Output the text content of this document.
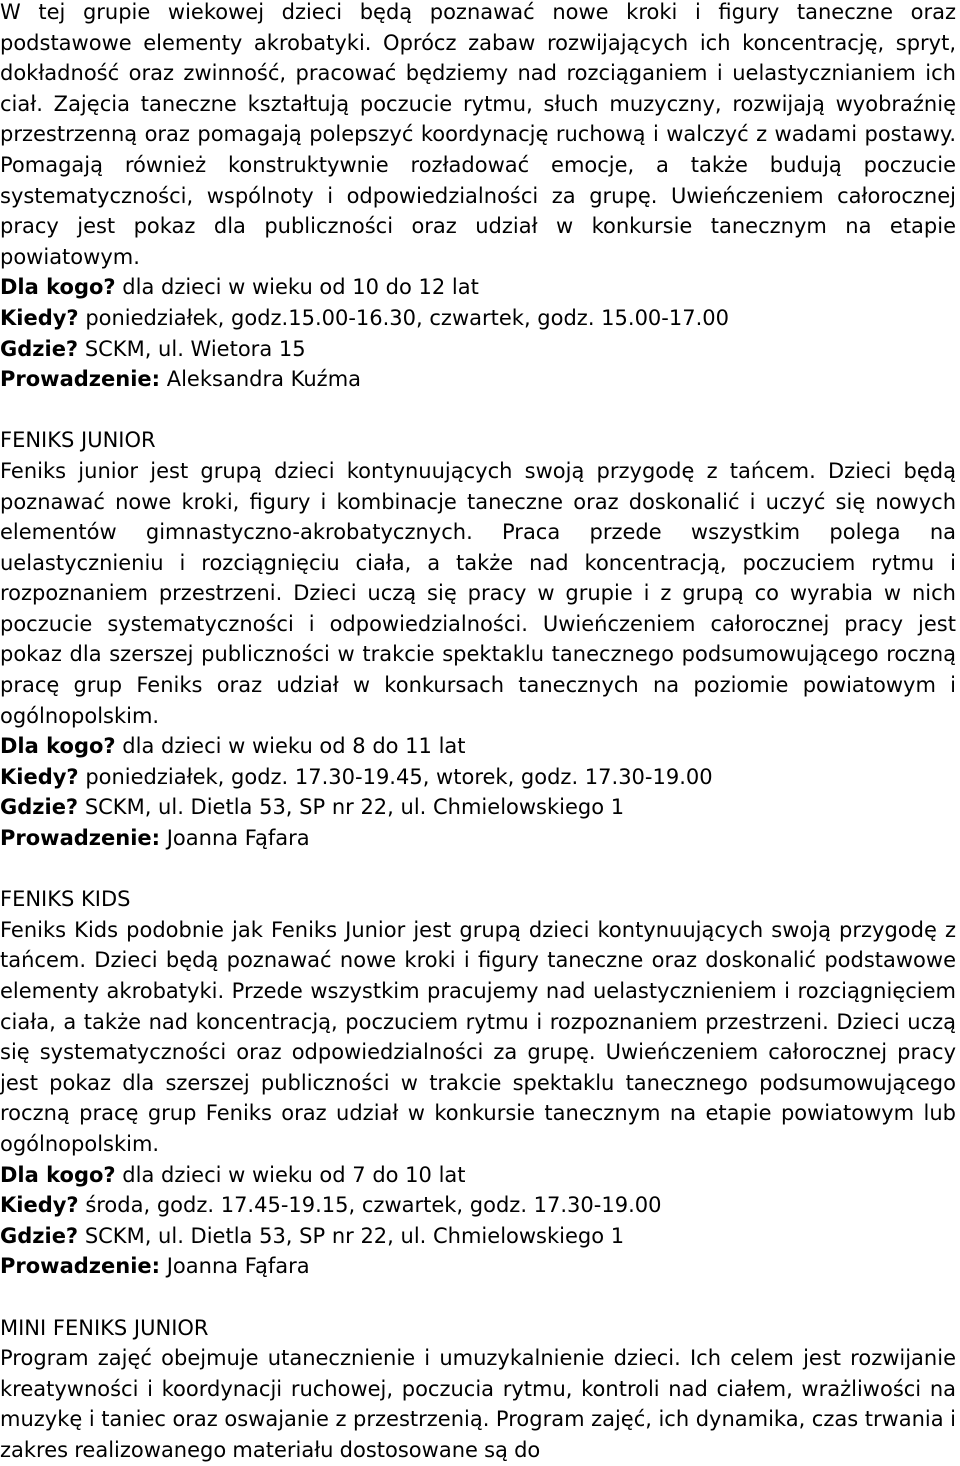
W tej grupie wiekowej dzieci będą poznawać nowe kroki i figury taneczne oraz podstawowe elementy akrobatyki. Oprócz zabaw rozwijających ich koncentrację, spryt, dokładność oraz zwinność, pracować będziemy nad rozciąganiem i uelastycznianiem ich ciał. Zajęcia taneczne kształtują poczucie rytmu, słuch muzyczny, rozwijają wyobraźnię przestrzenną oraz pomagają polepszyć koordynację ruchową i walczyć z wadami postawy. Pomagają również konstruktywnie rozładować emocje, a także budują poczucie systematyczności, wspólnoty i odpowiedzialności za grupę. Uwieńczeniem całorocznej pracy jest pokaz dla publiczności oraz udział w konkursie tanecznym na etapie powiatowym.

Dla kogo? dla dzieci w wieku od 10 do 12 lat

Kiedy? poniedziałek, godz.15.00-16.30, czwartek, godz. 15.00-17.00

Gdzie? SCKM, ul. Wietora 15

Prowadzenie: Aleksandra Kuźma

FENIKS JUNIOR

Feniks junior jest grupą dzieci kontynuujących swoją przygodę z tańcem. Dzieci będą poznawać nowe kroki, figury i kombinacje taneczne oraz doskonalić i uczyć się nowych elementów gimnastyczno-akrobatycznych. Praca przede wszystkim polega na uelastycznieniu i rozciągnięciu ciała, a także nad koncentracją, poczuciem rytmu i rozpoznaniem przestrzeni. Dzieci uczą się pracy w grupie i z grupą co wyrabia w nich poczucie systematyczności i odpowiedzialności. Uwieńczeniem całorocznej pracy jest pokaz dla szerszej publiczności w trakcie spektaklu tanecznego podsumowującego roczną pracę grup Feniks oraz udział w konkursach tanecznych na poziomie powiatowym i ogólnopolskim.

Dla kogo? dla dzieci w wieku od 8 do 11 lat

Kiedy? poniedziałek, godz. 17.30-19.45, wtorek, godz. 17.30-19.00

Gdzie? SCKM, ul. Dietla 53, SP nr 22, ul. Chmielowskiego 1

Prowadzenie: Joanna Fąfara

FENIKS KIDS

Feniks Kids podobnie jak Feniks Junior jest grupą dzieci kontynuujących swoją przygodę z tańcem. Dzieci będą poznawać nowe kroki i figury taneczne oraz doskonalić podstawowe elementy akrobatyki. Przede wszystkim pracujemy nad uelastycznieniem i rozciągnięciem ciała, a także nad koncentracją, poczuciem rytmu i rozpoznaniem przestrzeni. Dzieci uczą się systematyczności oraz odpowiedzialności za grupę. Uwieńczeniem całorocznej pracy jest pokaz dla szerszej publiczności w trakcie spektaklu tanecznego podsumowującego roczną pracę grup Feniks oraz udział w konkursie tanecznym na etapie powiatowym lub ogólnopolskim.

Dla kogo? dla dzieci w wieku od 7 do 10 lat

Kiedy? środa, godz. 17.45-19.15, czwartek, godz. 17.30-19.00

Gdzie? SCKM, ul. Dietla 53, SP nr 22, ul. Chmielowskiego 1

Prowadzenie: Joanna Fąfara

MINI FENIKS JUNIOR

Program zajęć obejmuje utanecznienie i umuzykalnienie dzieci. Ich celem jest rozwijanie kreatywności i koordynacji ruchowej, poczucia rytmu, kontroli nad ciałem, wrażliwości na muzykę i taniec oraz oswajanie z przestrzenią. Program zajęć, ich dynamika, czas trwania i zakres realizowanego materiału dostosowane są do
